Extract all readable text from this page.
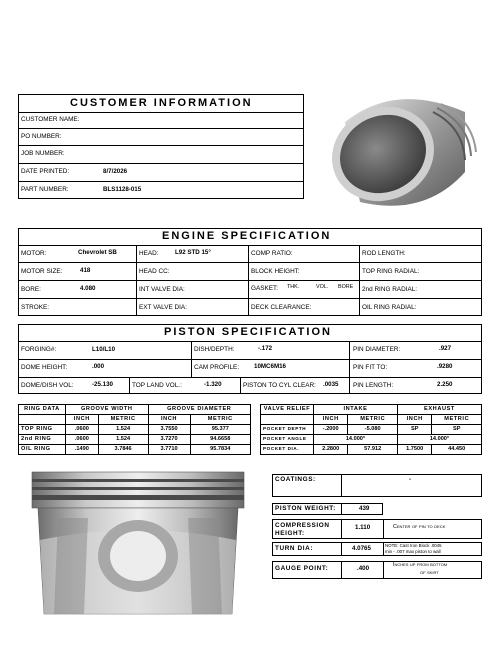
CUSTOMER INFORMATION
CUSTOMER NAME:
PO NUMBER:
JOB NUMBER:
DATE PRINTED:	8/7/2026
PART NUMBER:	BLS1128-015
ENGINE SPECIFICATION
MOTOR:	Chevrolet SB	HEAD:	L92 STD 15°	COMP RATIO:	ROD LENGTH:
MOTOR SIZE:	418	HEAD CC:	BLOCK HEIGHT:	TOP RING RADIAL:
BORE:	4.080	INT VALVE DIA:	GASKET: THK.	VOL. BORE 2nd RING RADIAL:
STROKE:	EXT VALVE DIA:	DECK CLEARANCE:	OIL RING RADIAL:
PISTON SPECIFICATION
FORGING#:	L10/L10	DISH/DEPTH:	-.172	PIN DIAMETER:	.927
DOME HEIGHT:	.000	CAM PROFILE: 10MC6M16	PIN FIT TO:	.9280
DOME/DISH VOL:	-25.130	TOP LAND VOL.:	-1.320	PISTON TO CYL CLEAR: .0035 PIN LENGTH:	2.250
RING DATA	GROOVE WIDTH		GROOVE DIAMETER	
	INCH	METRIC	INCH	METRIC
TOP RING	.0600	1.524	3.7550	95.377
2nd RING	.0600	1.524	3.7270	94.6658
OIL RING	.1490	3.7846	3.7710	95.7834
VALVE RELIEF	INTAKE		EXHAUST	
	INCH	METRIC	INCH	METRIC
POCKET DEPTH	-.2000	-5.080	SP	SP
POCKET ANGLE	14.000°		14.000°	
POCKET DIA.	2.2800	57.912	1.7500	44.450
COATINGS:	-
PISTON WEIGHT:	439
COMPRESSION HEIGHT:
1.110	Center of pin to deck
TURN DIA:	4.0765	NOTE: Cast Iron Block .0045
min - .007 max piston to wall
GAUGE POINT:	.400	Inches up from bottom
of skirt
